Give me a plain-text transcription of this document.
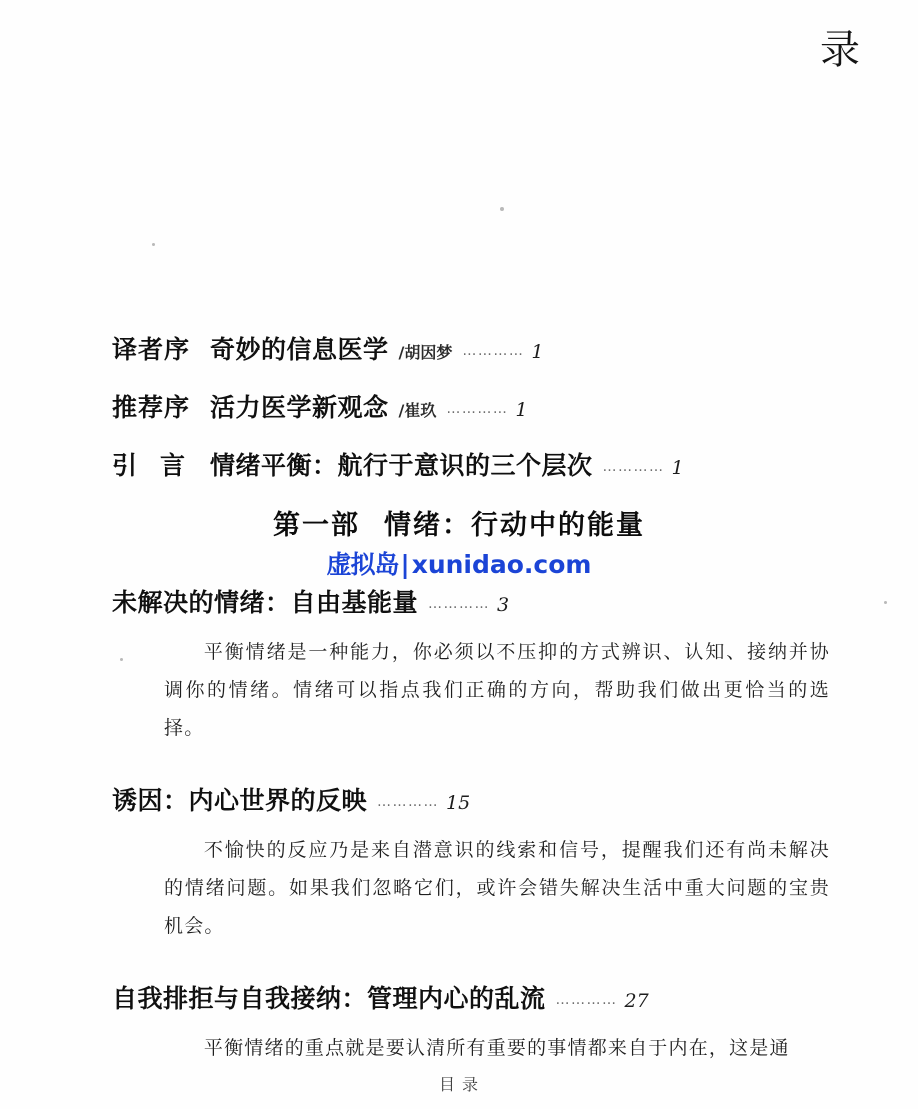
录
译者序 奇妙的信息医学 /胡因梦 ………… 1
推荐序 活力医学新观念 /崔玖 ………… 1
引 言 情绪平衡：航行于意识的三个层次 ………… 1
第一部 情绪：行动中的能量
虚拟岛|xunidao.com
未解决的情绪：自由基能量 ………… 3

平衡情绪是一种能力，你必须以不压抑的方式辨识、认知、接纳并协调你的情绪。情绪可以指点我们正确的方向，帮助我们做出更恰当的选择。

诱因：内心世界的反映 ………… 15

不愉快的反应乃是来自潜意识的线索和信号，提醒我们还有尚未解决的情绪问题。如果我们忽略它们，或许会错失解决生活中重大问题的宝贵机会。

自我排拒与自我接纳：管理内心的乱流 ………… 27

平衡情绪的重点就是要认清所有重要的事情都来自于内在，这是通

目 录
